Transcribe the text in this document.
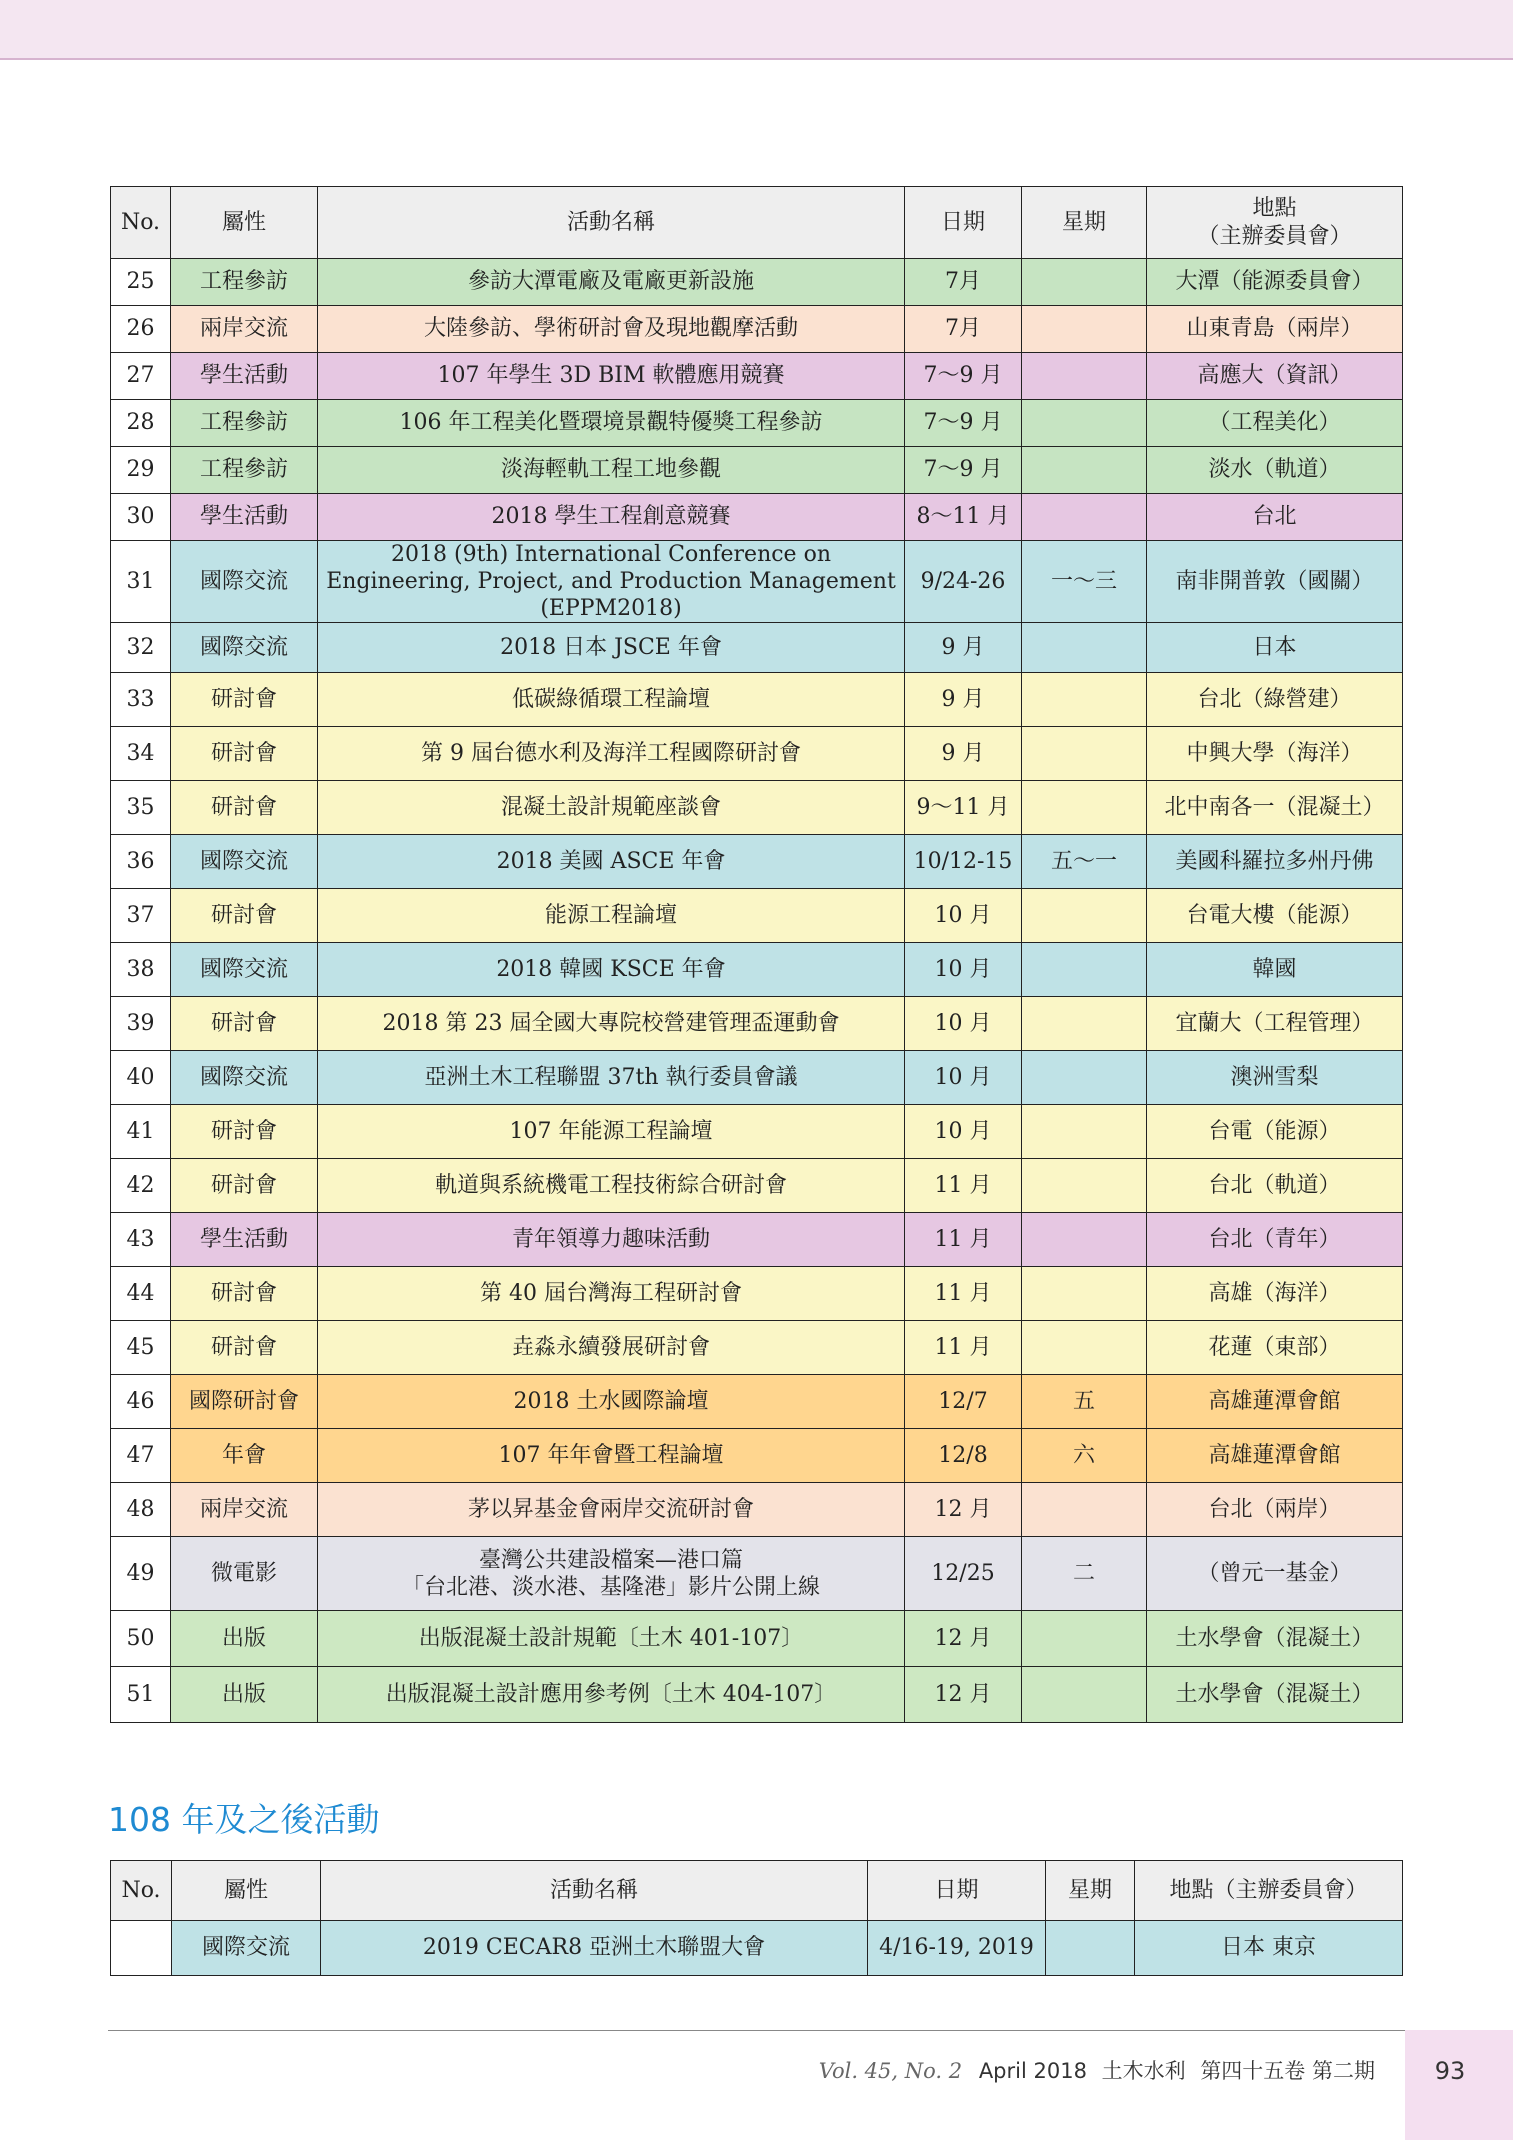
No.	屬性	活動名稱	日期	星期	地點
（主辦委員會）
25	工程參訪	參訪大潭電廠及電廠更新設施	7月		大潭（能源委員會）
26	兩岸交流	大陸參訪、學術研討會及現地觀摩活動	7月		山東青島（兩岸）
27	學生活動	107 年學生 3D BIM 軟體應用競賽	7～9 月		高應大（資訊）
28	工程參訪	106 年工程美化暨環境景觀特優獎工程參訪	7～9 月		（工程美化）
29	工程參訪	淡海輕軌工程工地參觀	7～9 月		淡水（軌道）
30	學生活動	2018 學生工程創意競賽	8～11 月		台北
31	國際交流	2018 (9th) International Conference on Engineering, Project, and Production Management (EPPM2018)	9/24-26	一～三	南非開普敦（國關）
32	國際交流	2018 日本 JSCE 年會	9 月		日本
33	研討會	低碳綠循環工程論壇	9 月		台北（綠營建）
34	研討會	第 9 屆台德水利及海洋工程國際研討會	9 月		中興大學（海洋）
35	研討會	混凝土設計規範座談會	9～11 月		北中南各一（混凝土）
36	國際交流	2018 美國 ASCE 年會	10/12-15	五～一	美國科羅拉多州丹佛
37	研討會	能源工程論壇	10 月		台電大樓（能源）
38	國際交流	2018 韓國 KSCE 年會	10 月		韓國
39	研討會	2018 第 23 屆全國大專院校營建管理盃運動會	10 月		宜蘭大（工程管理）
40	國際交流	亞洲土木工程聯盟 37th 執行委員會議	10 月		澳洲雪梨
41	研討會	107 年能源工程論壇	10 月		台電（能源）
42	研討會	軌道與系統機電工程技術綜合研討會	11 月		台北（軌道）
43	學生活動	青年領導力趣味活動	11 月		台北（青年）
44	研討會	第 40 屆台灣海工程研討會	11 月		高雄（海洋）
45	研討會	垚淼永續發展研討會	11 月		花蓮（東部）
46	國際研討會	2018 土水國際論壇	12/7	五	高雄蓮潭會館
47	年會	107 年年會暨工程論壇	12/8	六	高雄蓮潭會館
48	兩岸交流	茅以昇基金會兩岸交流研討會	12 月		台北（兩岸）
49	微電影	臺灣公共建設檔案—港口篇
「台北港、淡水港、基隆港」影片公開上線	12/25	二	（曾元一基金）
50	出版	出版混凝土設計規範〔土木 401-107〕	12 月		土水學會（混凝土）
51	出版	出版混凝土設計應用參考例〔土木 404-107〕	12 月		土水學會（混凝土）
108 年及之後活動
No.	屬性	活動名稱	日期	星期	地點（主辦委員會）
	國際交流	2019 CECAR8 亞洲土木聯盟大會	4/16-19, 2019		日本 東京
Vol. 45, No. 2 April 2018 土木水利 第四十五卷 第二期	93
